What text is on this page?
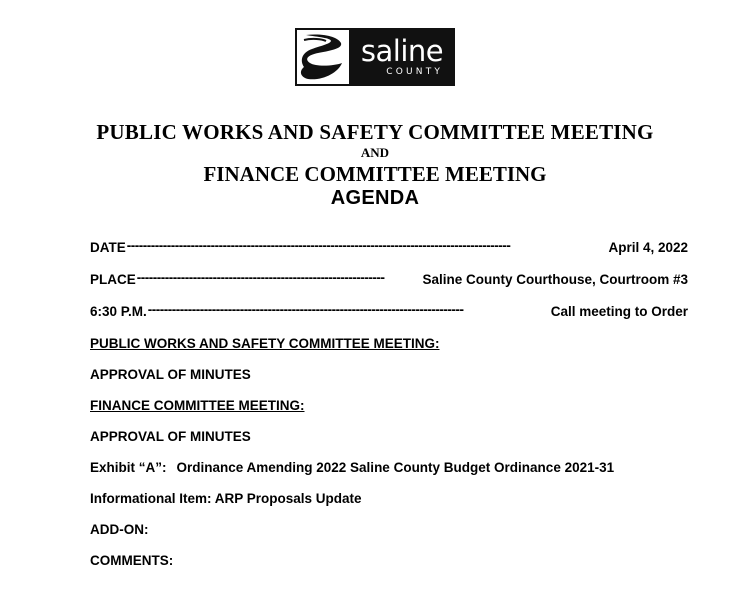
saline
COUNTY
PUBLIC WORKS AND SAFETY COMMITTEE MEETING
AND
FINANCE COMMITTEE MEETING
AGENDA
DATE ------------------------------------------------------------------------------------------------	April 4, 2022
PLACE --------------------------------------------------------------	Saline County Courthouse, Courtroom #3
6:30 P.M. -------------------------------------------------------------------------------	Call meeting to Order
PUBLIC WORKS AND SAFETY COMMITTEE MEETING:
APPROVAL OF MINUTES
FINANCE COMMITTEE MEETING:
APPROVAL OF MINUTES
Exhibit “A”: Ordinance Amending 2022 Saline County Budget Ordinance 2021-31
Informational Item: ARP Proposals Update
ADD-ON:
COMMENTS:
